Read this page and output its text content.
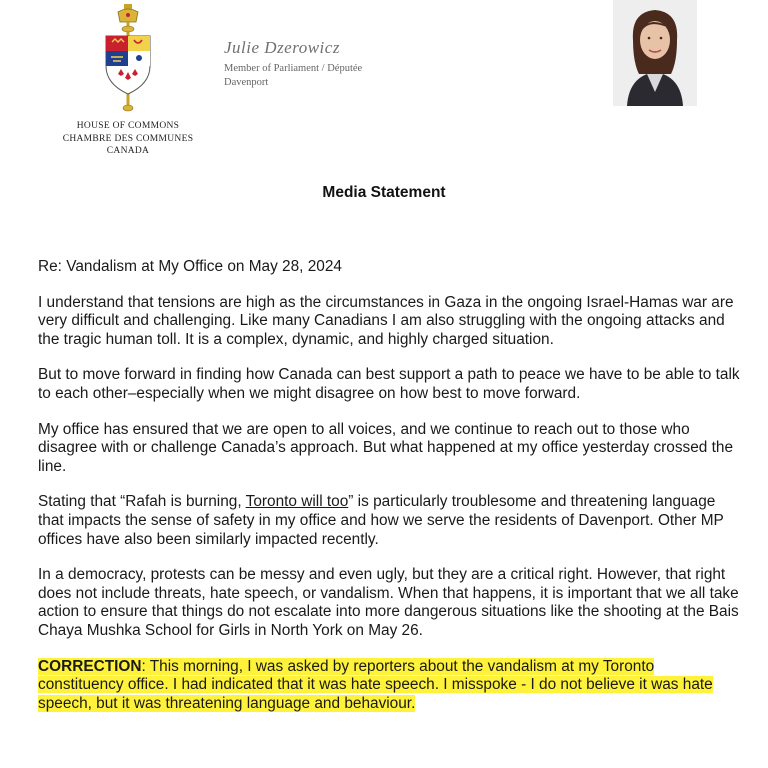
HOUSE OF COMMONS
CHAMBRE DES COMMUNES
CANADA
Julie Dzerowicz
Member of Parliament / Députée
Davenport
Media Statement

Re: Vandalism at My Office on May 28, 2024

I understand that tensions are high as the circumstances in Gaza in the ongoing Israel-Hamas war are very difficult and challenging. Like many Canadians I am also struggling with the ongoing attacks and the tragic human toll. It is a complex, dynamic, and highly charged situation.

But to move forward in finding how Canada can best support a path to peace we have to be able to talk to each other–especially when we might disagree on how best to move forward.

My office has ensured that we are open to all voices, and we continue to reach out to those who disagree with or challenge Canada’s approach. But what happened at my office yesterday crossed the line.

Stating that “Rafah is burning, Toronto will too” is particularly troublesome and threatening language that impacts the sense of safety in my office and how we serve the residents of Davenport. Other MP offices have also been similarly impacted recently.

In a democracy, protests can be messy and even ugly, but they are a critical right. However, that right does not include threats, hate speech, or vandalism. When that happens, it is important that we all take action to ensure that things do not escalate into more dangerous situations like the shooting at the Bais Chaya Mushka School for Girls in North York on May 26.

CORRECTION: This morning, I was asked by reporters about the vandalism at my Toronto constituency office. I had indicated that it was hate speech. I misspoke - I do not believe it was hate speech, but it was threatening language and behaviour.
